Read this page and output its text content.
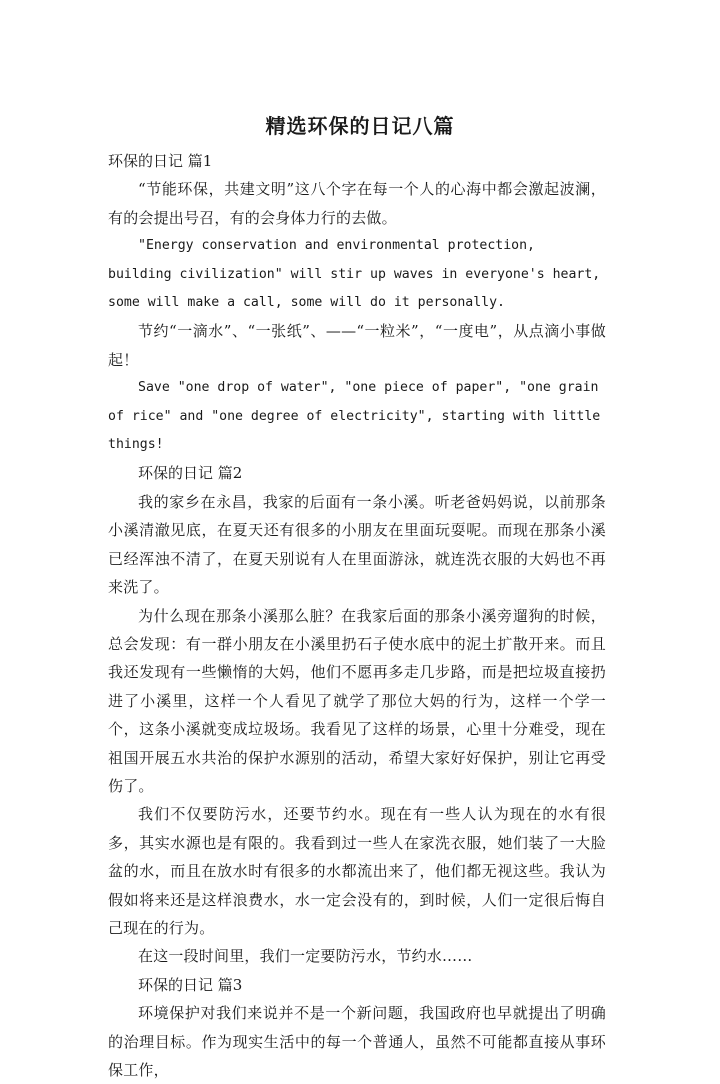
精选环保的日记八篇

环保的日记 篇1

“节能环保，共建文明”这八个字在每一个人的心海中都会激起波澜，有的会提出号召，有的会身体力行的去做。

"Energy conservation and environmental protection, building civilization" will stir up waves in everyone's heart, some will make a call, some will do it personally.

节约“一滴水”、“一张纸”、——“一粒米”，“一度电”，从点滴小事做起！

Save "one drop of water", "one piece of paper", "one grain of rice" and "one degree of electricity", starting with little things!

环保的日记 篇2

我的家乡在永昌，我家的后面有一条小溪。听老爸妈妈说，以前那条小溪清澈见底，在夏天还有很多的小朋友在里面玩耍呢。而现在那条小溪已经浑浊不清了，在夏天别说有人在里面游泳，就连洗衣服的大妈也不再来洗了。

为什么现在那条小溪那么脏？在我家后面的那条小溪旁遛狗的时候，总会发现：有一群小朋友在小溪里扔石子使水底中的泥土扩散开来。而且我还发现有一些懒惰的大妈，他们不愿再多走几步路，而是把垃圾直接扔进了小溪里，这样一个人看见了就学了那位大妈的行为，这样一个学一个，这条小溪就变成垃圾场。我看见了这样的场景，心里十分难受，现在祖国开展五水共治的保护水源别的活动，希望大家好好保护，别让它再受伤了。

我们不仅要防污水，还要节约水。现在有一些人认为现在的水有很多，其实水源也是有限的。我看到过一些人在家洗衣服，她们装了一大脸盆的水，而且在放水时有很多的水都流出来了，他们都无视这些。我认为假如将来还是这样浪费水，水一定会没有的，到时候，人们一定很后悔自己现在的行为。

在这一段时间里，我们一定要防污水，节约水……

环保的日记 篇3

环境保护对我们来说并不是一个新问题，我国政府也早就提出了明确的治理目标。作为现实生活中的每一个普通人，虽然不可能都直接从事环保工作，
